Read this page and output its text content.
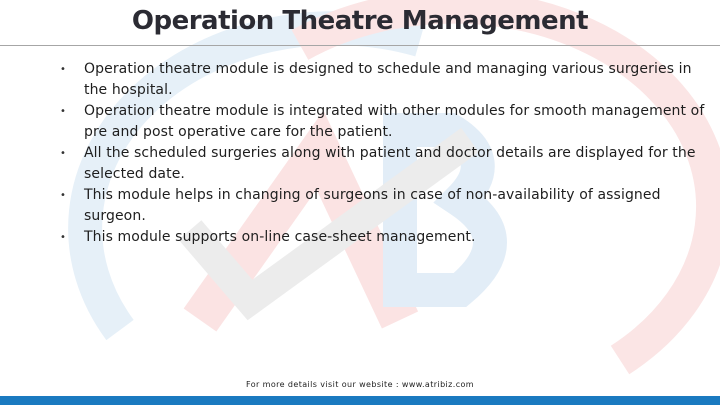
Operation Theatre Management
• Operation theatre module is designed to schedule and managing various surgeries in the hospital.
• Operation theatre module is integrated with other modules for smooth management of pre and post operative care for the patient.
• All the scheduled surgeries along with patient and doctor details are displayed for the selected date.
• This module helps in changing of surgeons in case of non-availability of assigned surgeon.
• This module supports on-line case-sheet management.
For more details visit our website : www.atribiz.com
